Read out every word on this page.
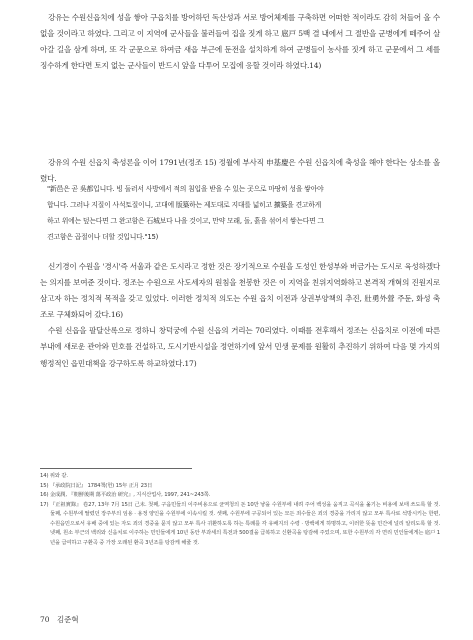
강유는 수원신읍치에 성을 쌓아 구읍치를 방어하던 독산성과 서로 방어체제를 구축하면 어떠한 적이라도 감히 쳐들어 올 수 없을 것이라고 하였다. 그리고 이 지역에 군사들을 불러들여 집을 짓게 하고 扈戸 5백 결 내에서 그 절반을 군병에게 떼주어 살아갈 길을 삼게 하며, 또 각 군문으로 하여금 새읍 부근에 둔전을 설치하게 하여 군병들이 농사를 짓게 하고 군문에서 그 세를 징수하게 한다면 토지 없는 군사들이 반드시 앞을 다투어 모집에 응할 것이라 하였다.14)

강유의 수원 신읍치 축성론을 이어 1791년(정조 15) 정월에 부사직 申基慶은 수원 신읍치에 축성을 해야 한다는 상소를 올렸다.

"新邑은 곧 吳都입니다. 빙 둘러서 사방에서 적의 침입을 받을 수 있는 곳으로 마땅히 성을 쌓아야

합니다. 그러나 지질이 사석토질이니, 고대에 版築하는 제도대로 지대를 넓히고 擴築을 견고하게

하고 위에는 덮는다면 그 완고함은 石城보다 나을 것이고, 만약 모래, 돌, 흙을 섞어서 쌓는다면 그

견고함은 곱절이나 더할 것입니다."15)

신기경이 수원을 '경시'즉 서울과 같은 도시라고 정한 것은 장기적으로 수원을 도성인 한성부와 버금가는 도시로 육성하겠다는 의지를 보여준 것이다. 정조는 수원으로 사도세자의 원침을 천봉한 것은 이 지역을 친위지역화하고 본격적 개혁의 진원지로 삼고자 하는 정치적 목적을 갖고 있었다. 이러한 정치적 의도는 수원 읍치 이전과 상권부양책의 추진, 壯勇外營 주둔, 화성 축조로 구체화되어 갔다.16)

수원 신읍을 팔달산록으로 정하니 창덕궁에 수원 신읍의 거리는 70리였다. 이때를 전후해서 정조는 신읍치로 이전에 따른 부내에 새로운 관아와 민호를 건설하고, 도시기반시설을 정연하기에 앞서 민생 문제를 원활히 추진하기 위하여 다음 몇 가지의 행정적인 읍민대책을 강구하도록 하교하였다.17)

14) 위와 같.

15) 『承政院日記』 1784책(헌) 15年 正月 23日

16) 金成潤, 『朝鮮後期 蕩平政治 硏究』, 지식산업사, 1997, 241~243쪽.

17) 『正祖實錄』 卷27, 13年 7月 15日 己未. 첫째, 구읍민들의 이주비용으로 균역청의 돈 10만 냥을 수원부에 내려 주어 백성을 움직고 곡식을 옮기는 비용에 보태 쓰도록 할 것. 둘째, 수원부에 딸렸던 장주부의 임용 · 용정 양인을 수원부에 이속시킬 것. 셋째, 수원부에 구공되어 있는 모든 죄수들은 죄의 경중을 가리지 않고 모두 특사로 석방시키는 한편, 수원읍민으로서 유배 중에 있는 자도 죄의 경중을 묻지 않고 모두 특사 귀환하도록 하는 특례를 각 유배지의 수령 · 방백에게 하명하고, 이러한 뜻을 민간에 널리 알리도록 할 것. 넷째, 원소 부근의 백리와 신읍치로 이주하는 민인들에게 10년 동안 부과세의 특전과 500결을 급복하고 신환곡을 탕감해 주었으며, 또한 수원부의 각 면리 민인들에게는 扈戸 1년을 급여하고 구환곡 중 가장 오래된 환곡 3년조를 탕감케 해줄 것.

70 김준혁
